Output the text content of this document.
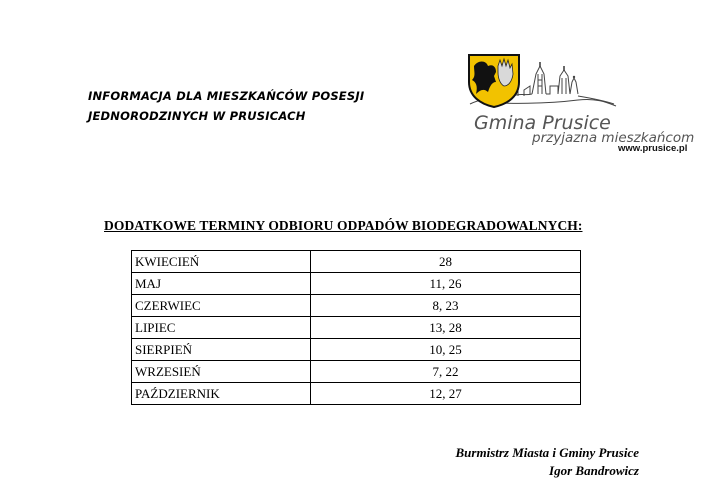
INFORMACJA DLA MIESZKAŃCÓW POSESJI
JEDNORODZINYCH W PRUSICACH	Gmina Prusice
przyjazna mieszkańcom
www.prusice.pl
DODATKOWE TERMINY ODBIORU ODPADÓW BIODEGRADOWALNYCH:
KWIECIEŃ	28
MAJ	11, 26
CZERWIEC	8, 23
LIPIEC	13, 28
SIERPIEŃ	10, 25
WRZESIEŃ	7, 22
PAŹDZIERNIK	12, 27
Burmistrz Miasta i Gminy Prusice
Igor Bandrowicz
